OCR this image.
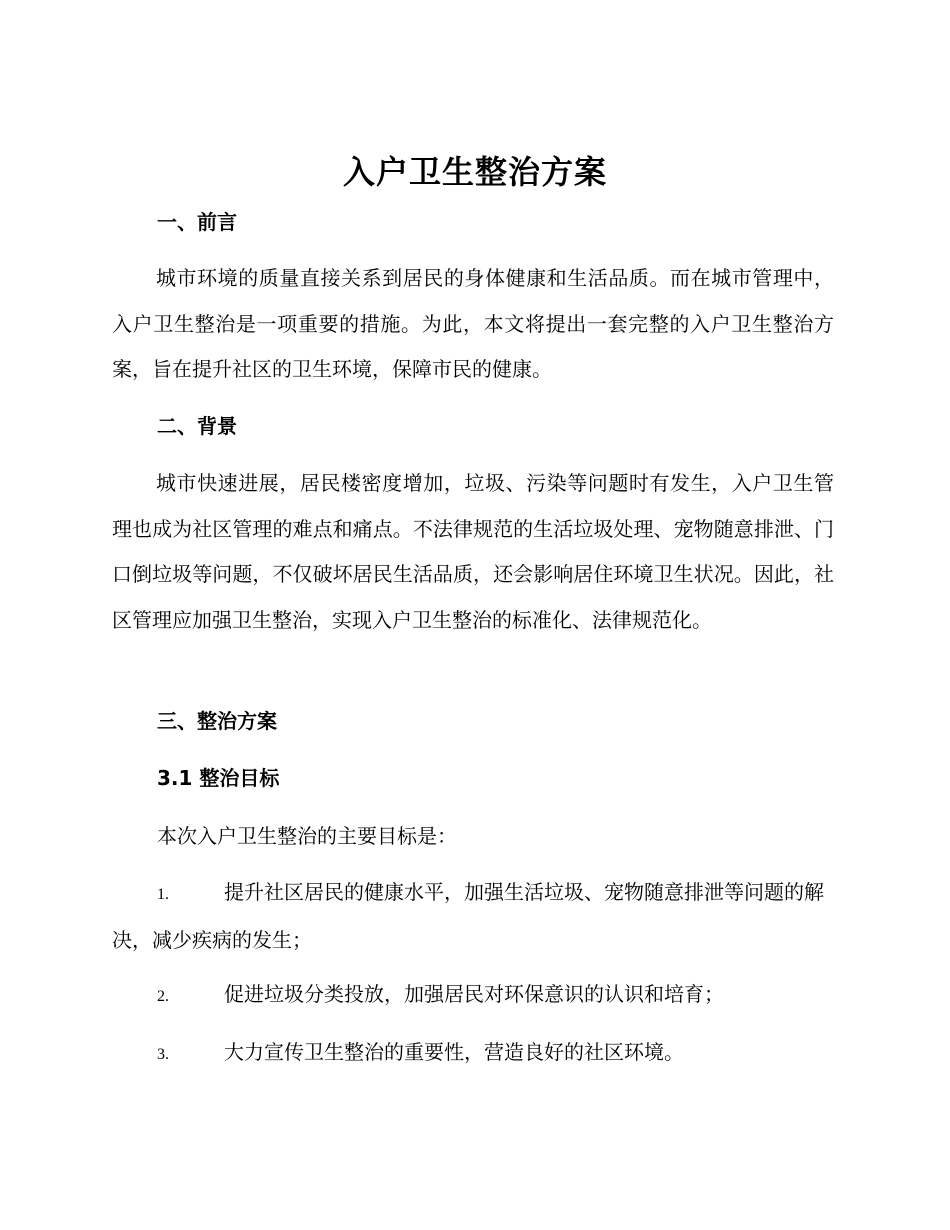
入户卫生整治方案
一、前言
城市环境的质量直接关系到居民的身体健康和生活品质。而在城市管理中，入户卫生整治是一项重要的措施。为此，本文将提出一套完整的入户卫生整治方案，旨在提升社区的卫生环境，保障市民的健康。
二、背景
城市快速进展，居民楼密度增加，垃圾、污染等问题时有发生，入户卫生管理也成为社区管理的难点和痛点。不法律规范的生活垃圾处理、宠物随意排泄、门口倒垃圾等问题，不仅破坏居民生活品质，还会影响居住环境卫生状况。因此，社区管理应加强卫生整治，实现入户卫生整治的标准化、法律规范化。
三、整治方案
3.1 整治目标
本次入户卫生整治的主要目标是：
1.	提升社区居民的健康水平，加强生活垃圾、宠物随意排泄等问题的解决，减少疾病的发生；
2.	促进垃圾分类投放，加强居民对环保意识的认识和培育；
3.	大力宣传卫生整治的重要性，营造良好的社区环境。
